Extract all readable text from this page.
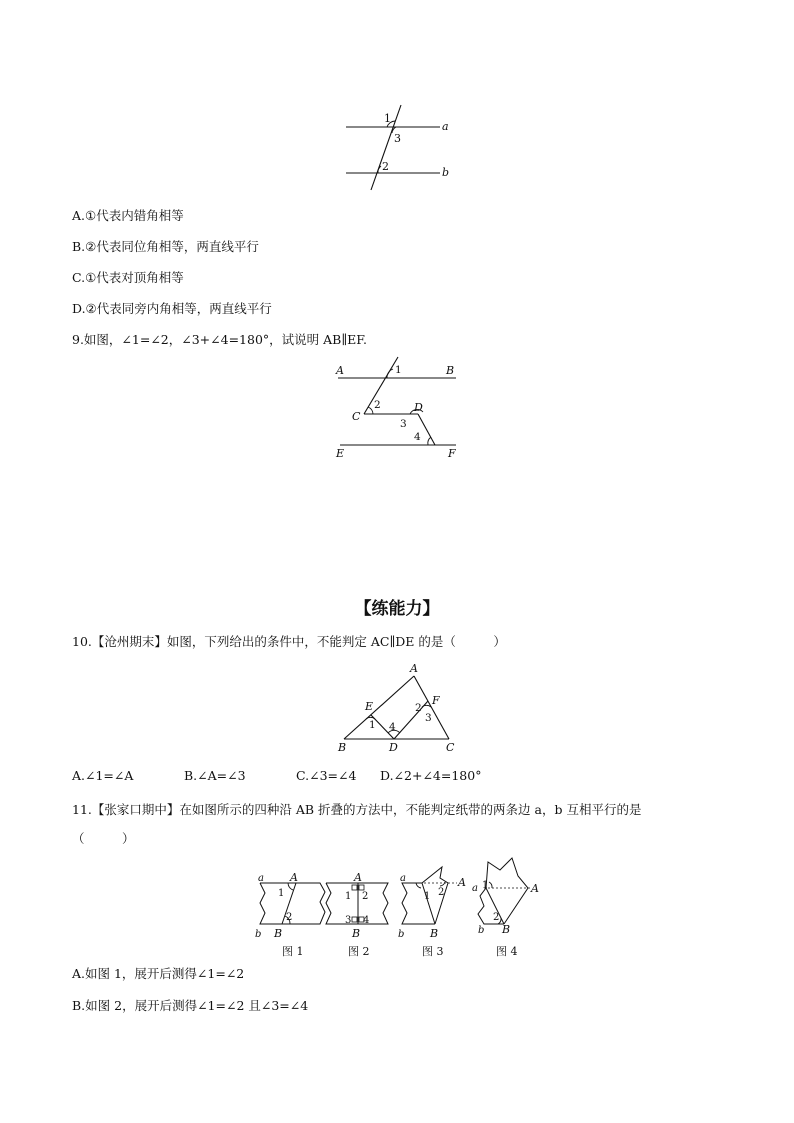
1
3
2
a
b
A.①代表内错角相等
B.②代表同位角相等，两直线平行
C.①代表对顶角相等
D.②代表同旁内角相等，两直线平行
9.如图，∠1=∠2，∠3+∠4=180°，试说明 AB∥EF.
A	B
C
D
E	F
1
2
3
4
【练能力】
10.【沧州期末】如图，下列给出的条件中，不能判定 AC∥DE 的是（　　　）
A
B	C
D
E	F
1
2
3
4
A.∠1=∠A	B.∠A=∠3	C.∠3=∠4 D.∠2+∠4=180°
11.【张家口期中】在如图所示的四种沿 AB 折叠的方法中，不能判定纸带的两条边 a，b 互相平行的是
（　　　）
a A
1
2
b B
图 1
A
1 2
3 4
B
图 2
a	A
1 2
b B
图 3
a 1	A
2
b B
图 4
A.如图 1，展开后测得∠1=∠2
B.如图 2，展开后测得∠1=∠2 且∠3=∠4
